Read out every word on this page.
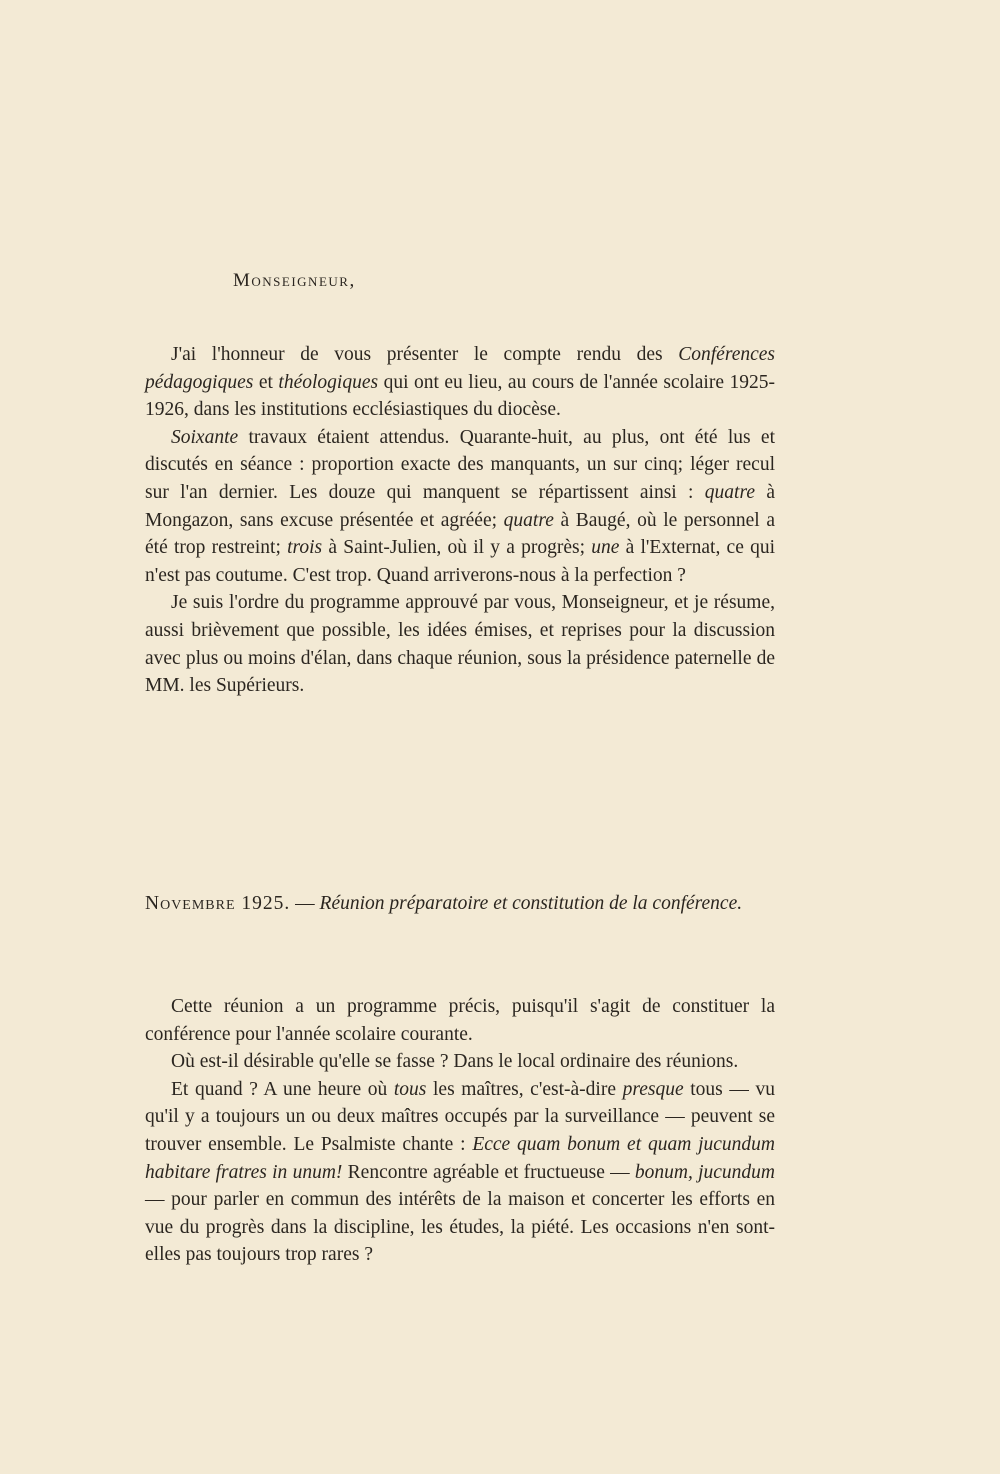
Monseigneur,

J'ai l'honneur de vous présenter le compte rendu des Conférences pédagogiques et théologiques qui ont eu lieu, au cours de l'année scolaire 1925-1926, dans les institutions ecclésiastiques du diocèse.

Soixante travaux étaient attendus. Quarante-huit, au plus, ont été lus et discutés en séance : proportion exacte des manquants, un sur cinq; léger recul sur l'an dernier. Les douze qui manquent se répartissent ainsi : quatre à Mongazon, sans excuse présentée et agréée; quatre à Baugé, où le personnel a été trop restreint; trois à Saint-Julien, où il y a progrès; une à l'Externat, ce qui n'est pas coutume. C'est trop. Quand arriverons-nous à la perfection ?

Je suis l'ordre du programme approuvé par vous, Monseigneur, et je résume, aussi brièvement que possible, les idées émises, et reprises pour la discussion avec plus ou moins d'élan, dans chaque réunion, sous la présidence paternelle de MM. les Supérieurs.

Novembre 1925. — Réunion préparatoire et constitution de la conférence.

Cette réunion a un programme précis, puisqu'il s'agit de constituer la conférence pour l'année scolaire courante.

Où est-il désirable qu'elle se fasse ? Dans le local ordinaire des réunions.

Et quand ? A une heure où tous les maîtres, c'est-à-dire presque tous — vu qu'il y a toujours un ou deux maîtres occupés par la surveillance — peuvent se trouver ensemble. Le Psalmiste chante : Ecce quam bonum et quam jucundum habitare fratres in unum! Rencontre agréable et fructueuse — bonum, jucundum — pour parler en commun des intérêts de la maison et concerter les efforts en vue du progrès dans la discipline, les études, la piété. Les occasions n'en sont-elles pas toujours trop rares ?
